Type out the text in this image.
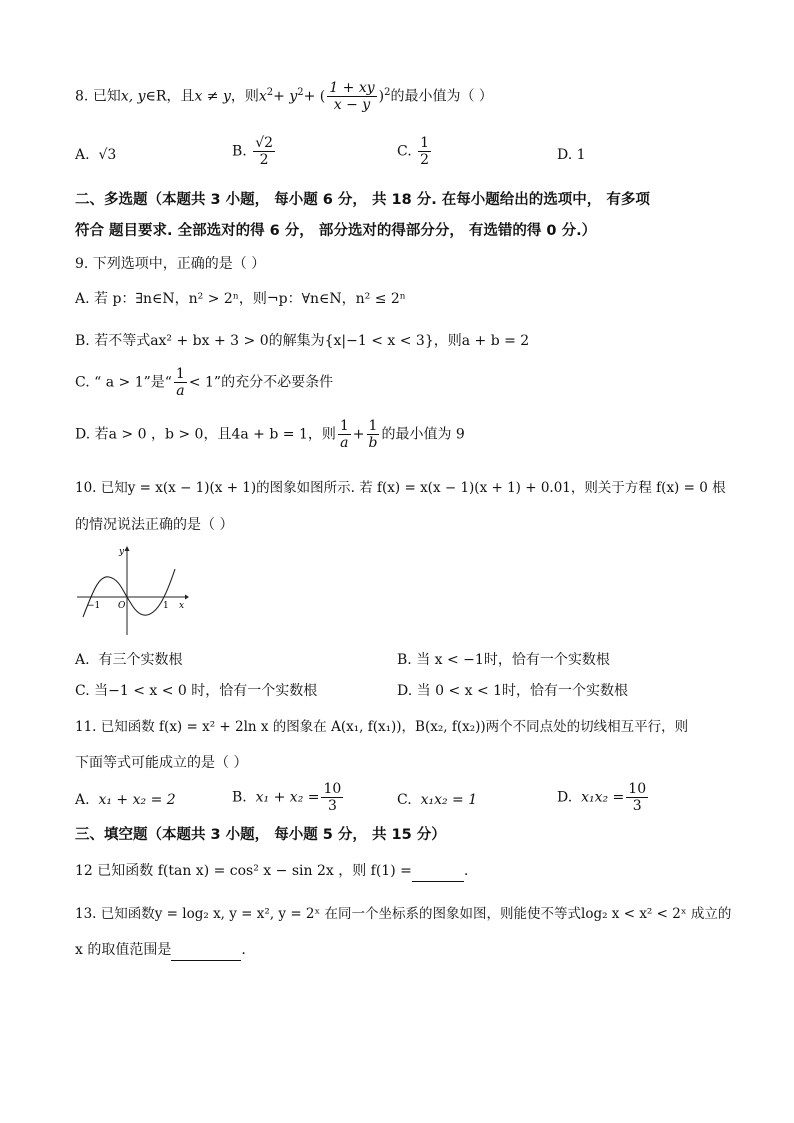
8. 已知x, y∈R，且x ≠ y，则$x^2+ y^2+$ ( $\frac{1 + xy}{x - y} )^2$的最小值为（ ）
A. √3	B. $\frac{√2}{2}$	C. $\frac{1}{2}$	D. 1
二、多选题（本题共 3 小题， 每小题 6 分， 共 18 分. 在每小题给出的选项中， 有多项
符合 题目要求. 全部选对的得 6 分， 部分选对的得部分分， 有选错的得 0 分.）
9. 下列选项中，正确的是（ ）
A. 若 p：∃n∈N，n² > 2ⁿ，则¬p：∀n∈N，n² ≤ 2ⁿ
B. 若不等式ax² + bx + 3 > 0的解集为{x|−1 < x < 3}，则a + b = 2
C. “ a > 1”是“ $\frac{1}{a} < 1$”的充分不必要条件
D. 若a > 0 ，b > 0，且4a + b = 1，则 $\frac{1}{a} + \frac{1}{b}$ 的最小值为 9
10. 已知y = x(x − 1)(x + 1)的图象如图所示. 若 f(x) = x(x − 1)(x + 1) + 0.01，则关于方程 f(x) = 0 根
的情况说法正确的是（ ）
y
x
O
−1	1
A. 有三个实数根	B. 当 x < −1时，恰有一个实数根
C. 当−1 < x < 0 时，恰有一个实数根	D. 当 0 < x < 1时，恰有一个实数根
11. 已知函数 f(x) = x² + 2ln x 的图象在 A(x₁, f(x₁))，B(x₂, f(x₂))两个不同点处的切线相互平行，则
下面等式可能成立的是（ ）
A. x₁ + x₂ = 2	B. $x_1 + x_2 = \frac{10}{3}$	C. x₁x₂ = 1	D. $x_1x_2 = \frac{10}{3}$
三、填空题（本题共 3 小题， 每小题 5 分， 共 15 分）
12 已知函数 f(tan x) = cos² x − sin 2x ，则 f(1) =	.
13. 已知函数y = log₂ x, y = x², y = 2ˣ 在同一个坐标系的图象如图，则能使不等式log₂ x < x² < 2ˣ 成立的
x 的取值范围是	.
